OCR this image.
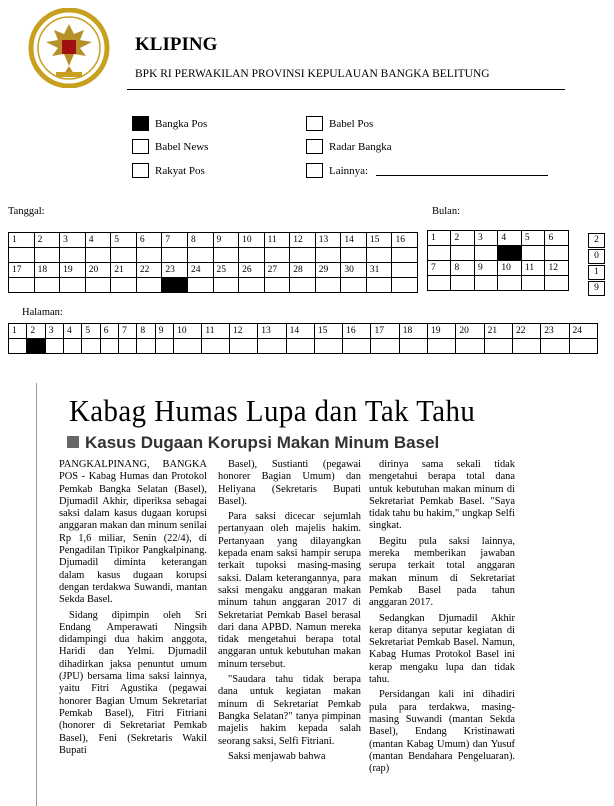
KLIPING
BPK RI PERWAKILAN PROVINSI KEPULAUAN BANGKA BELITUNG
Bangka Pos
Babel News
Rakyat Pos
Babel Pos
Radar Bangka
Lainnya:
Tanggal:
1	2	3	4	5	6	7	8	9	10	11	12	13	14	15	16

17	18	19	20	21	22	23	24	25	26	27	28	29	30	31	

Bulan:
1	2	3	4	5	6

7	8	9	10	11	12

2
0
1
9
Halaman:
1	2	3	4	5	6	7	8	9	10	11	12	13	14	15	16	17	18	19	20	21	22	23	24

Kabag Humas Lupa dan Tak Tahu
Kasus Dugaan Korupsi Makan Minum Basel

PANGKALPINANG, BANGKA POS - Kabag Humas dan Protokol Pemkab Bangka Selatan (Basel), Djumadil Akhir, diperiksa sebagai saksi dalam kasus dugaan korupsi anggaran makan dan minum senilai Rp 1,6 miliar, Senin (22/4), di Pengadilan Tipikor Pangkalpinang. Djumadil diminta keterangan dalam kasus dugaan korupsi dengan terdakwa Suwandi, mantan Sekda Basel.

Sidang dipimpin oleh Sri Endang Amperawati Ningsih didampingi dua hakim anggota, Haridi dan Yelmi. Djumadil dihadirkan jaksa penuntut umum (JPU) bersama lima saksi lainnya, yaitu Fitri Agustika (pegawai honorer Bagian Umum Sekretariat Pemkab Basel), Fitri Fitriani (honorer di Sekretariat Pemkab Basel), Feni (Sekretaris Wakil Bupati

Basel), Sustianti (pegawai honorer Bagian Umum) dan Heliyana (Sekretaris Bupati Basel).

Para saksi dicecar sejumlah pertanyaan oleh majelis hakim. Pertanyaan yang dilayangkan kepada enam saksi hampir serupa terkait tupoksi masing-masing saksi. Dalam keterangannya, para saksi mengaku anggaran makan minum tahun anggaran 2017 di Sekretariat Pemkab Basel berasal dari dana APBD. Namun mereka tidak mengetahui berapa total anggaran untuk kebutuhan makan minum tersebut.

"Saudara tahu tidak berapa dana untuk kegiatan makan minum di Sekretariat Pemkab Bangka Selatan?" tanya pimpinan majelis hakim kepada salah seorang saksi, Selfi Fitriani.

Saksi menjawab bahwa

dirinya sama sekali tidak mengetahui berapa total dana untuk kebutuhan makan minum di Sekretariat Pemkab Basel. "Saya tidak tahu bu hakim," ungkap Selfi singkat.

Begitu pula saksi lainnya, mereka memberikan jawaban serupa terkait total anggaran makan minum di Sekretariat Pemkab Basel pada tahun anggaran 2017.

Sedangkan Djumadil Akhir kerap ditanya seputar kegiatan di Sekretariat Pemkab Basel. Namun, Kabag Humas Protokol Basel ini kerap mengaku lupa dan tidak tahu.

Persidangan kali ini dihadiri pula para terdakwa, masing-masing Suwandi (mantan Sekda Basel), Endang Kristinawati (mantan Kabag Umum) dan Yusuf (mantan Bendahara Pengeluaran). (rap)
